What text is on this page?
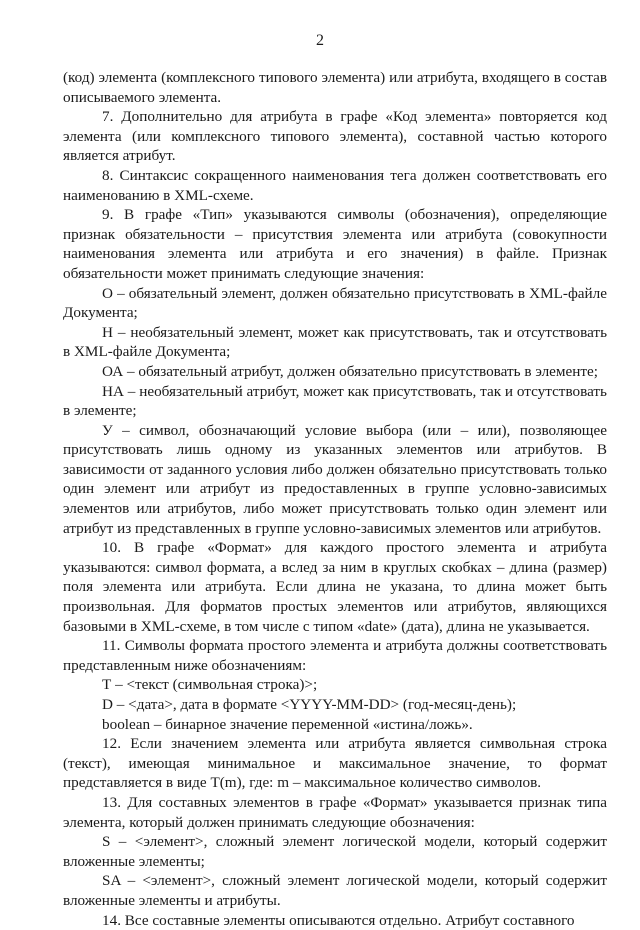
2

(код) элемента (комплексного типового элемента) или атрибута, входящего в состав описываемого элемента.

7. Дополнительно для атрибута в графе «Код элемента» повторяется код элемента (или комплексного типового элемента), составной частью которого является атрибут.

8. Синтаксис сокращенного наименования тега должен соответствовать его наименованию в XML-схеме.

9. В графе «Тип» указываются символы (обозначения), определяющие признак обязательности – присутствия элемента или атрибута (совокупности наименования элемента или атрибута и его значения) в файле. Признак обязательности может принимать следующие значения:

О – обязательный элемент, должен обязательно присутствовать в XML-файле Документа;

Н – необязательный элемент, может как присутствовать, так и отсутствовать в XML-файле Документа;

ОА – обязательный атрибут, должен обязательно присутствовать в элементе;

НА – необязательный атрибут, может как присутствовать, так и отсутствовать в элементе;

У – символ, обозначающий условие выбора (или – или), позволяющее присутствовать лишь одному из указанных элементов или атрибутов. В зависимости от заданного условия либо должен обязательно присутствовать только один элемент или атрибут из предоставленных в группе условно-зависимых элементов или атрибутов, либо может присутствовать только один элемент или атрибут из представленных в группе условно-зависимых элементов или атрибутов.

10. В графе «Формат» для каждого простого элемента и атрибута указываются: символ формата, а вслед за ним в круглых скобках – длина (размер) поля элемента или атрибута. Если длина не указана, то длина может быть произвольная. Для форматов простых элементов или атрибутов, являющихся базовыми в XML-схеме, в том числе с типом «date» (дата), длина не указывается.

11. Символы формата простого элемента и атрибута должны соответствовать представленным ниже обозначениям:

Т – <текст (символьная строка)>;

D – <дата>, дата в формате <YYYY-MM-DD> (год-месяц-день);

boolean – бинарное значение переменной «истина/ложь».

12. Если значением элемента или атрибута является символьная строка (текст), имеющая минимальное и максимальное значение, то формат представляется в виде Т(m), где: m – максимальное количество символов.

13. Для составных элементов в графе «Формат» указывается признак типа элемента, который должен принимать следующие обозначения:

S – <элемент>, сложный элемент логической модели, который содержит вложенные элементы;

SA – <элемент>, сложный элемент логической модели, который содержит вложенные элементы и атрибуты.

14. Все составные элементы описываются отдельно. Атрибут составного
